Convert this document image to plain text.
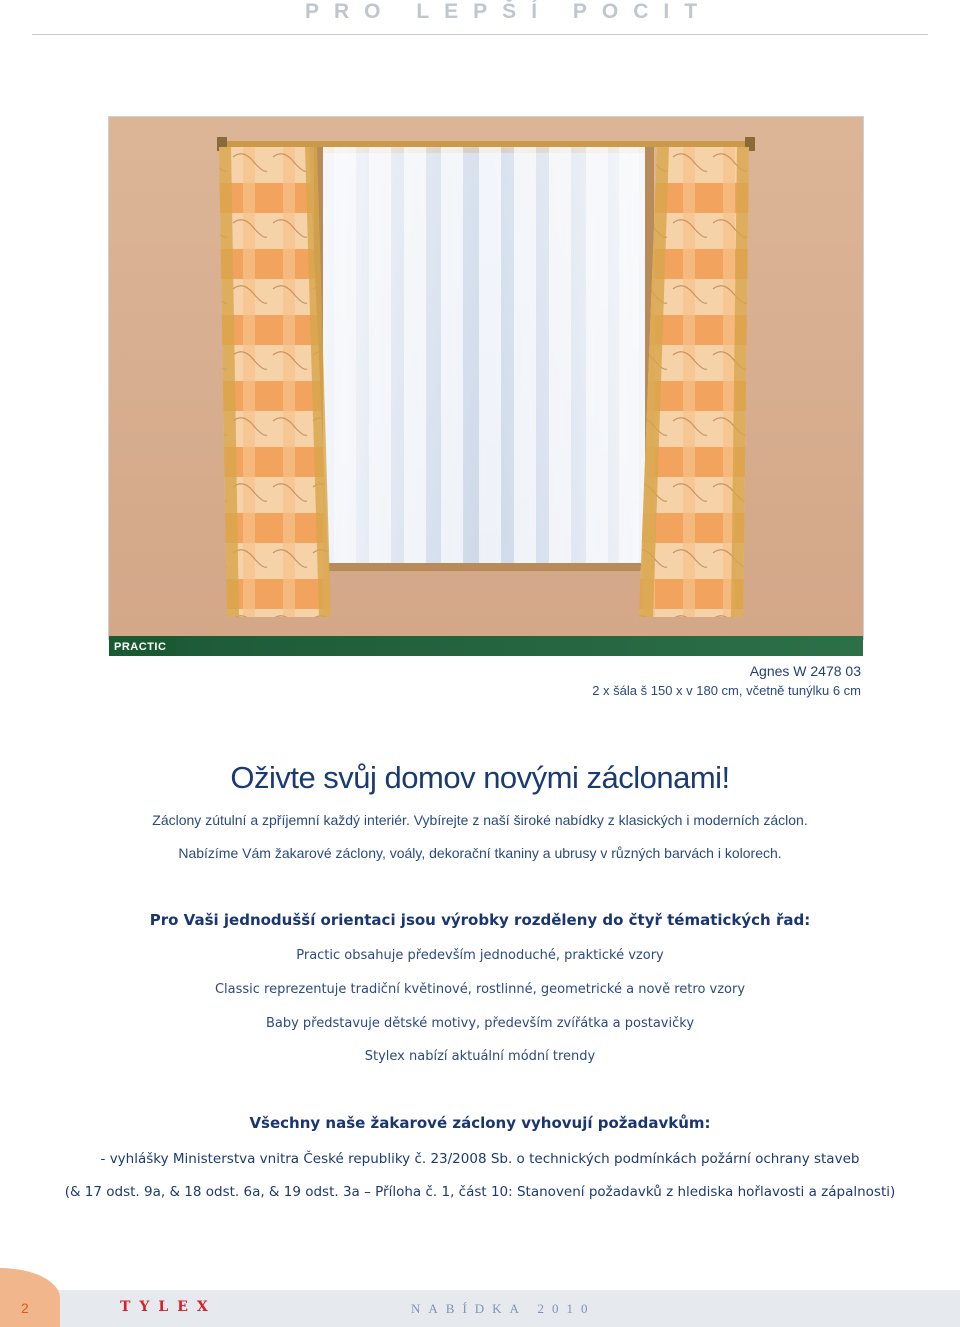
PRO LEPŠÍ POCIT
PRACTIC
Agnes W 2478 03
2 x šála š 150 x v 180 cm, včetně tunýlku 6 cm
Oživte svůj domov novými záclonami!
Záclony zútulní a zpříjemní každý interiér. Vybírejte z naší široké nabídky z klasických i moderních záclon.
Nabízíme Vám žakarové záclony, voály, dekorační tkaniny a ubrusy v různých barvách i kolorech.
Pro Vaši jednodušší orientaci jsou výrobky rozděleny do čtyř tématických řad:
Practic obsahuje především jednoduché, praktické vzory
Classic reprezentuje tradiční květinové, rostlinné, geometrické a nově retro vzory
Baby představuje dětské motivy, především zvířátka a postavičky
Stylex nabízí aktuální módní trendy
Všechny naše žakarové záclony vyhovují požadavkům:
- vyhlášky Ministerstva vnitra České republiky č. 23/2008 Sb. o technických podmínkách požární ochrany staveb
(& 17 odst. 9a, & 18 odst. 6a, & 19 odst. 3a – Příloha č. 1, část 10: Stanovení požadavků z hlediska hořlavosti a zápalnosti)
2	TYLEX	NABÍDKA 2010
